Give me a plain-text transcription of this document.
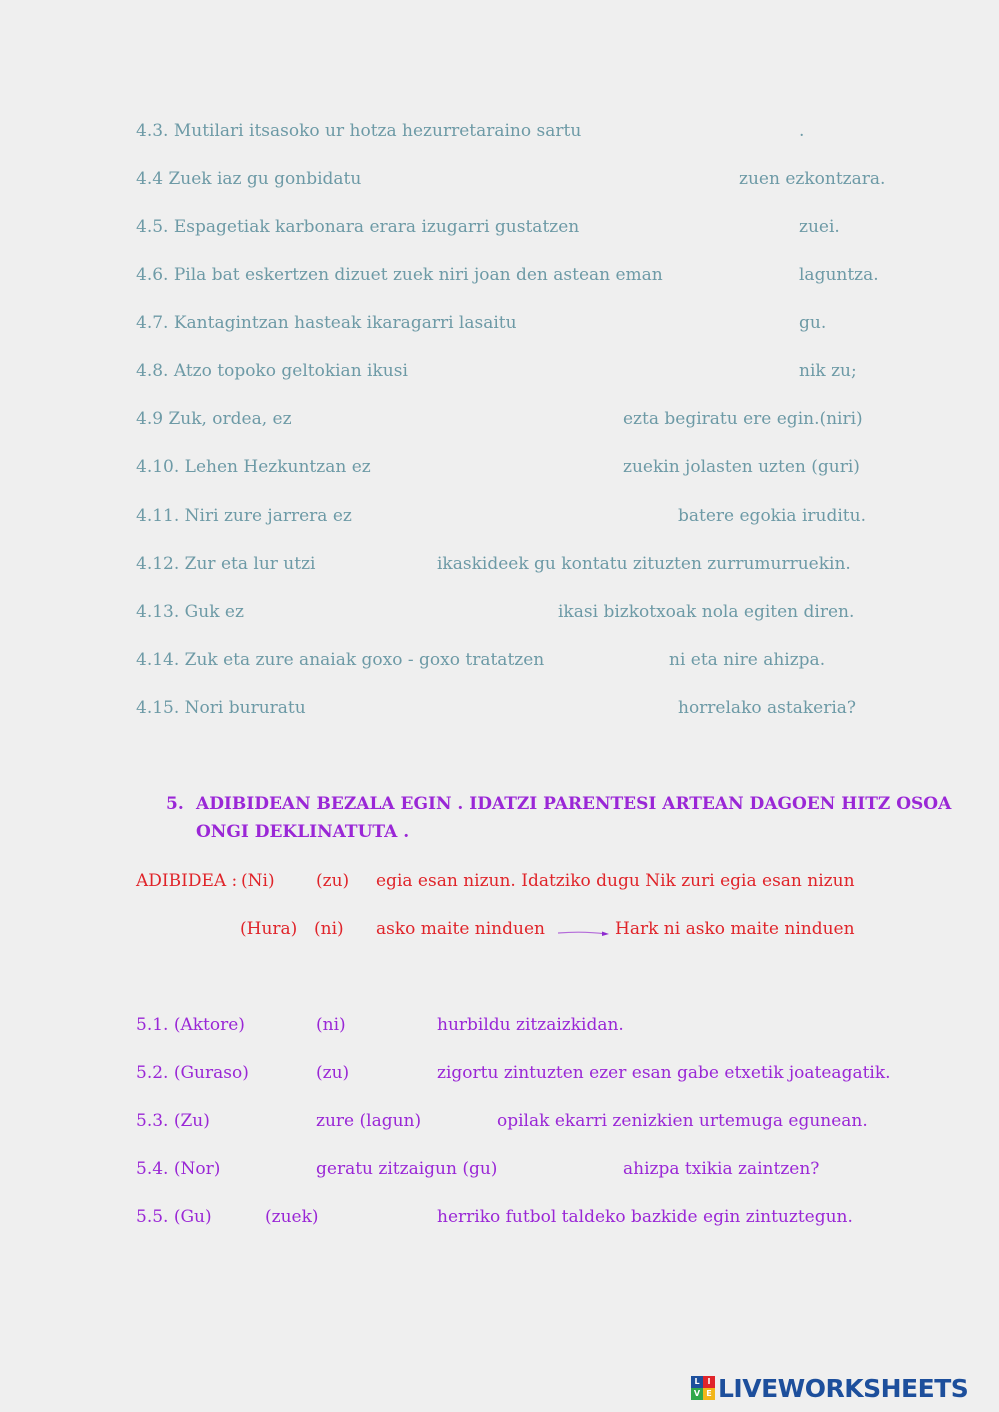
4.3. Mutilari itsasoko ur hotza hezurretaraino sartu	.
4.4 Zuek iaz gu gonbidatu	zuen ezkontzara.
4.5. Espagetiak karbonara erara izugarri gustatzen	zuei.
4.6. Pila bat eskertzen dizuet zuek niri joan den astean eman	laguntza.
4.7. Kantagintzan hasteak ikaragarri lasaitu	gu.
4.8. Atzo topoko geltokian ikusi	nik zu;
4.9 Zuk, ordea, ez	ezta begiratu ere egin.(niri)
4.10. Lehen Hezkuntzan ez	zuekin jolasten uzten (guri)
4.11. Niri zure jarrera ez	batere egokia iruditu.
4.12. Zur eta lur utzi	ikaskideek gu kontatu zituzten zurrumurruekin.
4.13. Guk ez	ikasi bizkotxoak nola egiten diren.
4.14. Zuk eta zure anaiak goxo - goxo tratatzen	ni eta nire ahizpa.
4.15. Nori bururatu	horrelako astakeria?
5. ADIBIDEAN BEZALA EGIN . IDATZI PARENTESI ARTEAN DAGOEN HITZ OSOA
ONGI DEKLINATUTA .
ADIBIDEA : (Ni) (zu) egia esan nizun. Idatziko dugu Nik zuri egia esan nizun
(Hura) (ni) asko maite ninduen	Hark ni asko maite ninduen
5.1. (Aktore)	(ni)	hurbildu zitzaizkidan.
5.2. (Guraso)	(zu)	zigortu zintuzten ezer esan gabe etxetik joateagatik.
5.3. (Zu)	zure (lagun)	opilak ekarri zenizkien urtemuga egunean.
5.4. (Nor)	geratu zitzaigun (gu)	ahizpa txikia zaintzen?
5.5. (Gu)	(zuek)	herriko futbol taldeko bazkide egin zintuztegun.
L I
V E LIVEWORKSHEETS
